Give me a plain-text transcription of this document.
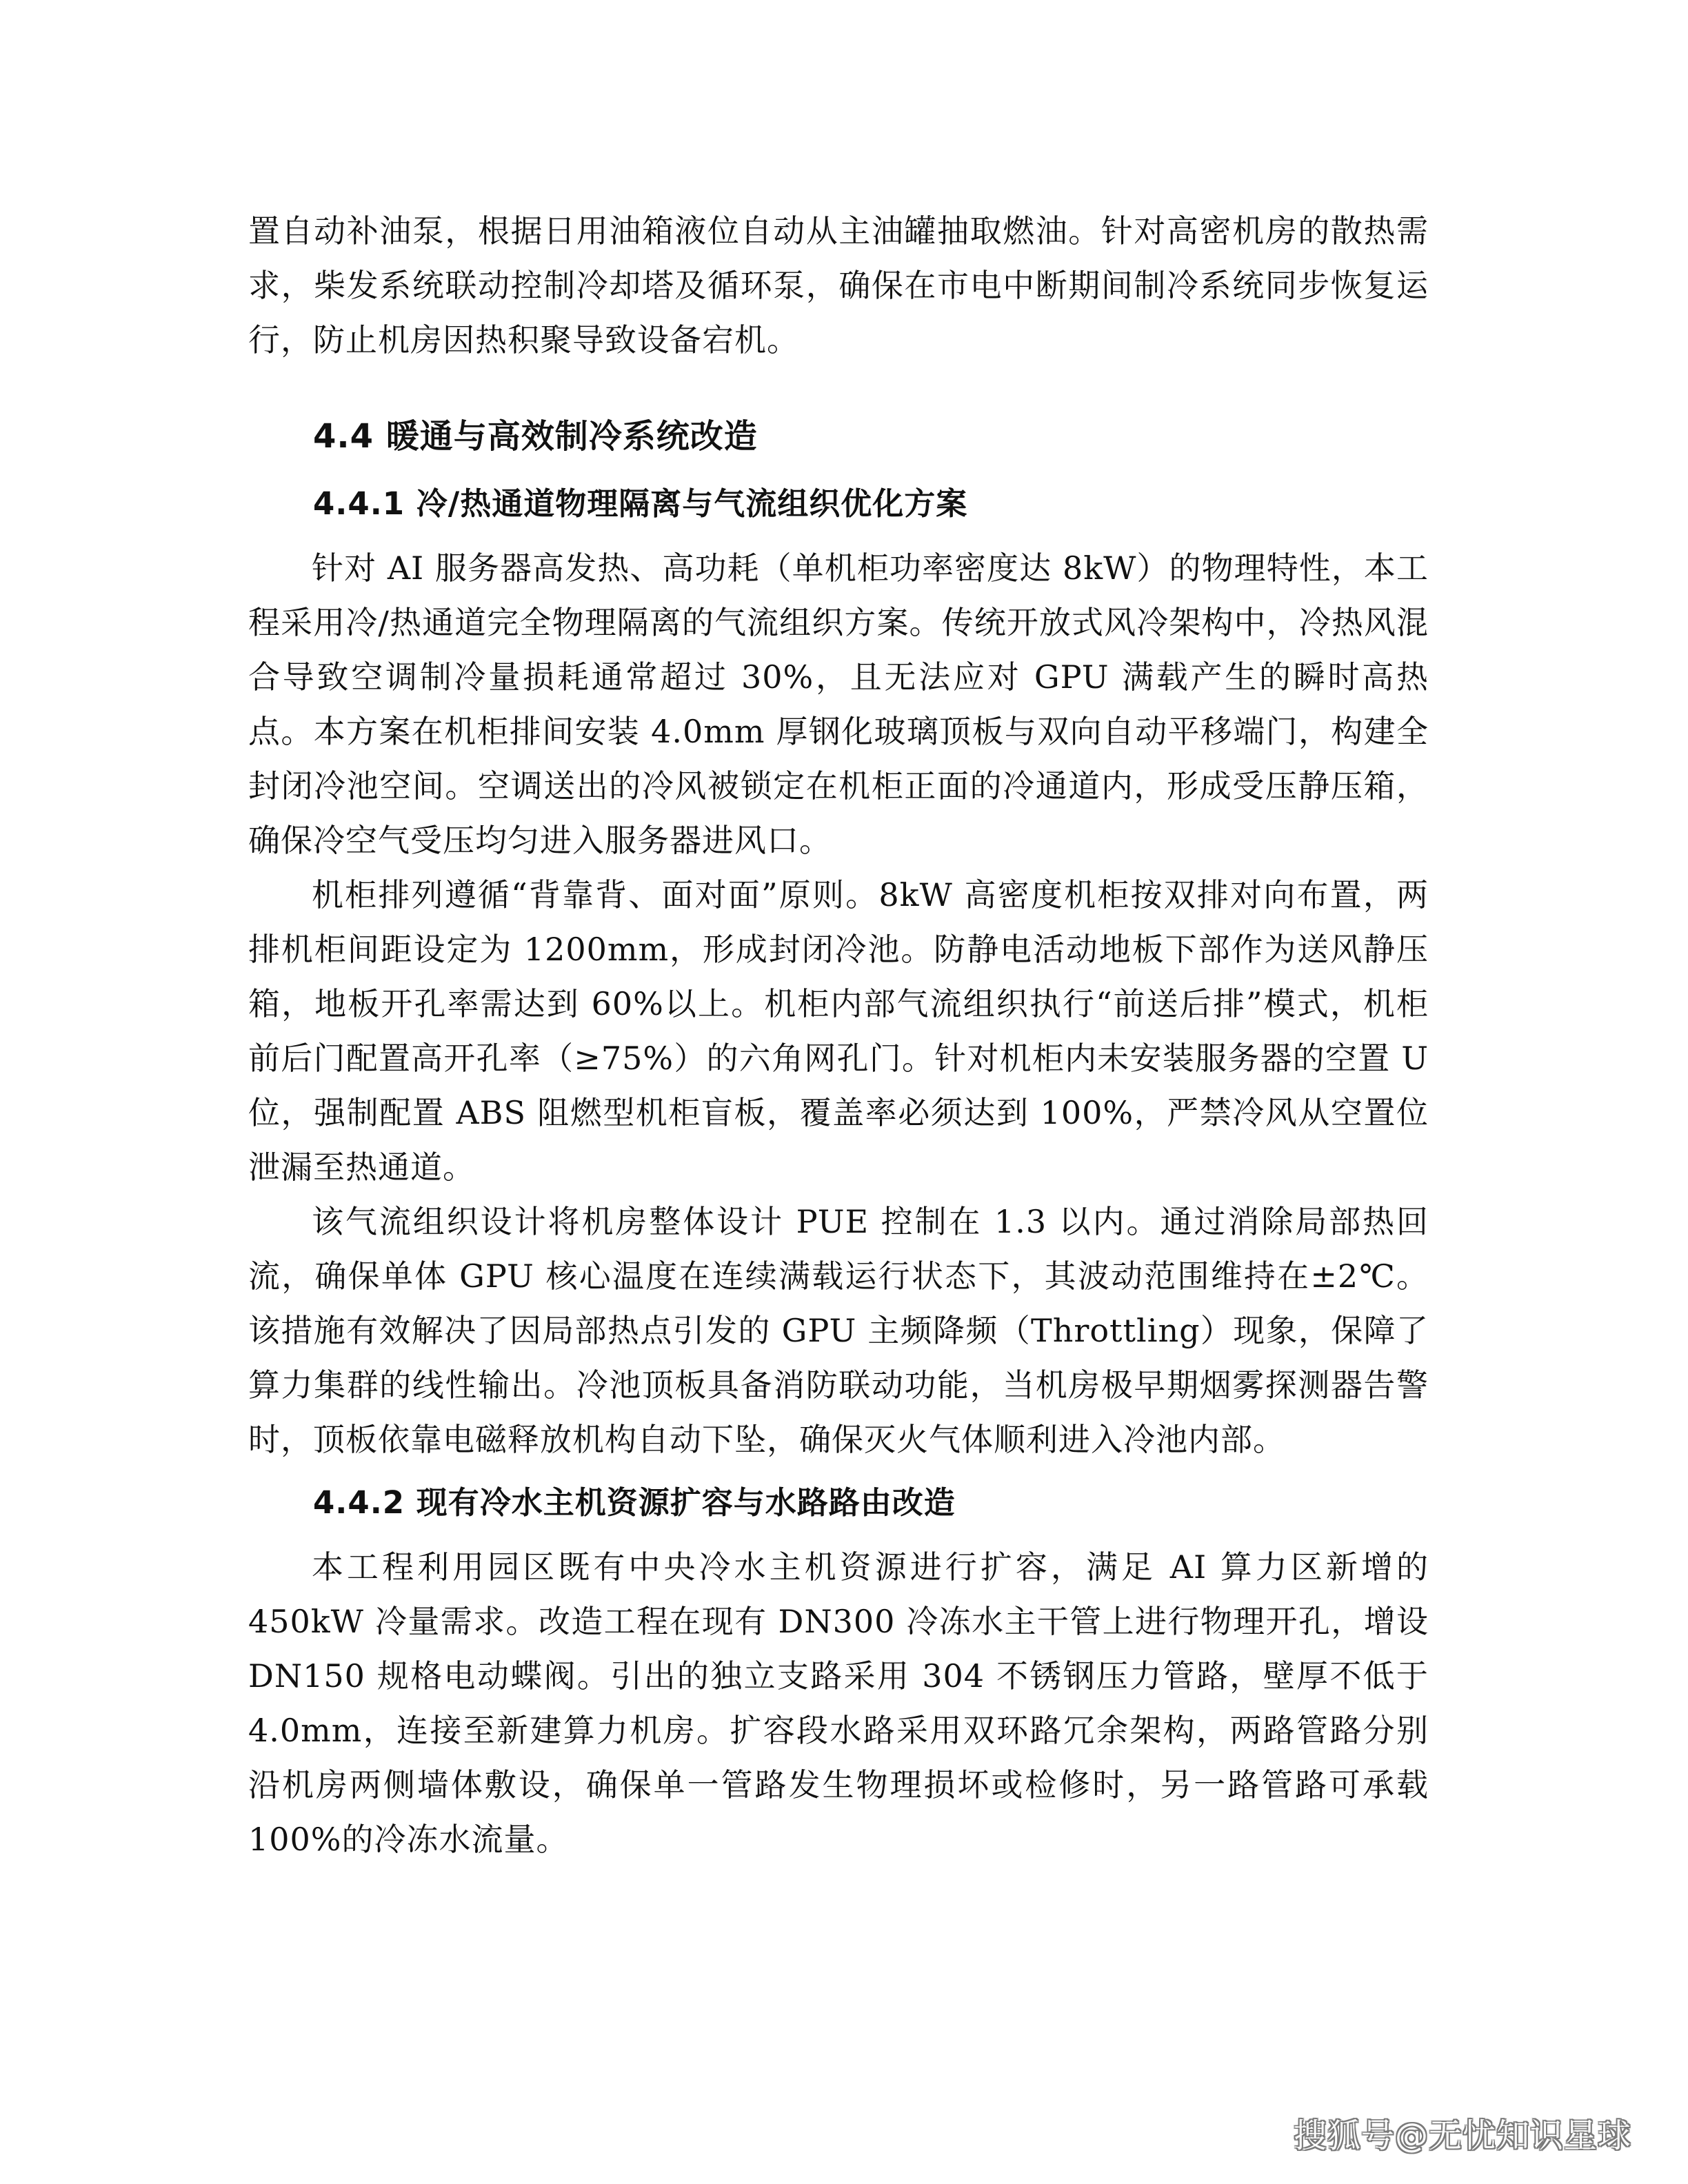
置自动补油泵，根据日用油箱液位自动从主油罐抽取燃油。针对高密机房的散热需求，柴发系统联动控制冷却塔及循环泵，确保在市电中断期间制冷系统同步恢复运行，防止机房因热积聚导致设备宕机。

4.4 暖通与高效制冷系统改造
4.4.1 冷/热通道物理隔离与气流组织优化方案

针对 AI 服务器高发热、高功耗（单机柜功率密度达 8kW）的物理特性，本工程采用冷/热通道完全物理隔离的气流组织方案。传统开放式风冷架构中，冷热风混合导致空调制冷量损耗通常超过 30%，且无法应对 GPU 满载产生的瞬时高热点。本方案在机柜排间安装 4.0mm 厚钢化玻璃顶板与双向自动平移端门，构建全封闭冷池空间。空调送出的冷风被锁定在机柜正面的冷通道内，形成受压静压箱，确保冷空气受压均匀进入服务器进风口。

机柜排列遵循“背靠背、面对面”原则。8kW 高密度机柜按双排对向布置，两排机柜间距设定为 1200mm，形成封闭冷池。防静电活动地板下部作为送风静压箱，地板开孔率需达到 60%以上。机柜内部气流组织执行“前送后排”模式，机柜前后门配置高开孔率（≥75%）的六角网孔门。针对机柜内未安装服务器的空置 U 位，强制配置 ABS 阻燃型机柜盲板，覆盖率必须达到 100%，严禁冷风从空置位泄漏至热通道。

该气流组织设计将机房整体设计 PUE 控制在 1.3 以内。通过消除局部热回流，确保单体 GPU 核心温度在连续满载运行状态下，其波动范围维持在±2℃。该措施有效解决了因局部热点引发的 GPU 主频降频（Throttling）现象，保障了算力集群的线性输出。冷池顶板具备消防联动功能，当机房极早期烟雾探测器告警时，顶板依靠电磁释放机构自动下坠，确保灭火气体顺利进入冷池内部。

4.4.2 现有冷水主机资源扩容与水路路由改造

本工程利用园区既有中央冷水主机资源进行扩容，满足 AI 算力区新增的 450kW 冷量需求。改造工程在现有 DN300 冷冻水主干管上进行物理开孔，增设 DN150 规格电动蝶阀。引出的独立支路采用 304 不锈钢压力管路，壁厚不低于 4.0mm，连接至新建算力机房。扩容段水路采用双环路冗余架构，两路管路分别沿机房两侧墙体敷设，确保单一管路发生物理损坏或检修时，另一路管路可承载 100%的冷冻水流量。

搜狐号@无忧知识星球
